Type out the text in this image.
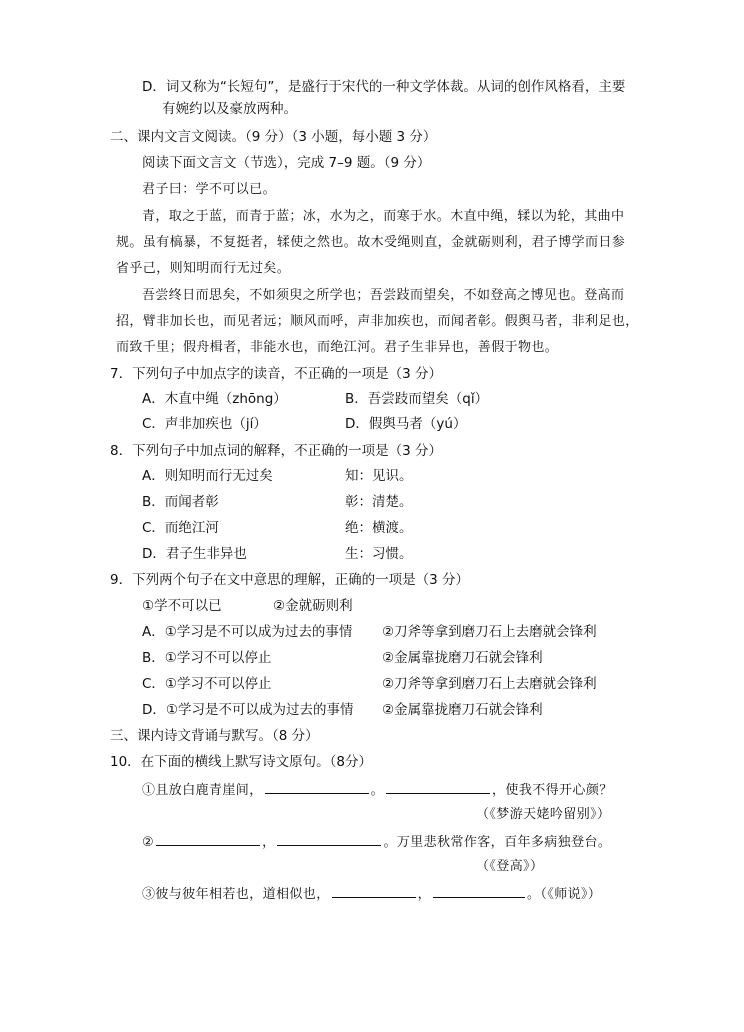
D．词又称为“长短句”，是盛行于宋代的一种文学体裁。从词的创作风格看，主要
有婉约以及豪放两种。
二、课内文言文阅读。（9 分）（3 小题，每小题 3 分）
阅读下面文言文（节选），完成 7–9 题。（9 分）
君子曰：学不可以已。
青，取之于蓝，而青于蓝；冰，水为之，而寒于水。木直中绳，𫐓以为轮，其曲中
规。虽有槁暴，不复挺者，𫐓使之然也。故木受绳则直，金就砺则利，君子博学而日参
省乎己，则知明而行无过矣。
吾尝终日而思矣，不如须臾之所学也；吾尝跂而望矣，不如登高之博见也。登高而
招，臂非加长也，而见者远；顺风而呼，声非加疾也，而闻者彰。假舆马者，非利足也，
而致千里；假舟楫者，非能水也，而绝江河。君子生非异也，善假于物也。
7．下列句子中加点字的读音，不正确的一项是（3 分）
A．木直中绳（zhōng）	B．吾尝跂而望矣（qǐ）
C．声非加疾也（jí）	D．假舆马者（yú）
8．下列句子中加点词的解释，不正确的一项是（3 分）
A．则知明而行无过矣	知：见识。
B．而闻者彰	彰：清楚。
C．而绝江河	绝：横渡。
D．君子生非异也	生：习惯。
9．下列两个句子在文中意思的理解，正确的一项是（3 分）
①学不可以已	②金就砺则利
A．①学习是不可以成为过去的事情 ②刀斧等拿到磨刀石上去磨就会锋利
B．①学习不可以停止	②金属靠拢磨刀石就会锋利
C．①学习不可以停止	②刀斧等拿到磨刀石上去磨就会锋利
D．①学习是不可以成为过去的事情 ②金属靠拢磨刀石就会锋利
三、课内诗文背诵与默写。（8 分）
10．在下面的横线上默写诗文原句。（8分）
①且放白鹿青崖间，	。	，使我不得开心颜？
（《梦游天姥吟留别》）
②	，	。万里悲秋常作客，百年多病独登台。
（《登高》）
③彼与彼年相若也，道相似也，	，	。（《师说》）
